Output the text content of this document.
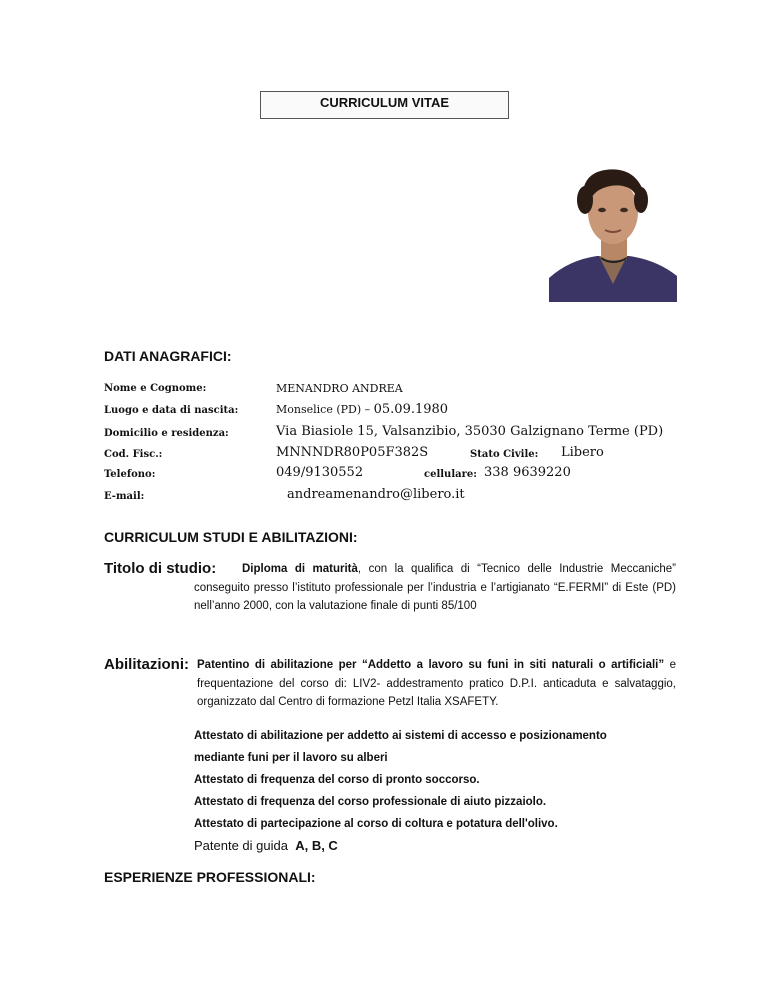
CURRICULUM VITAE
DATI ANAGRAFICI:
Nome e Cognome:	MENANDRO ANDREA
Luogo e data di nascita:	Monselice (PD) – 05.09.1980
Domicilio e residenza:	Via Biasiole 15, Valsanzibio, 35030 Galzignano Terme (PD)
Cod. Fisc.:	MNNNDR80P05F382S	Stato Civile: Libero
Telefono:	049/9130552	cellulare: 338 9639220
E-mail:	andreamenandro@libero.it
CURRICULUM STUDI E ABILITAZIONI:
Titolo di studio:	Diploma di maturità, con la qualifica di “Tecnico delle Industrie Meccaniche” conseguito presso l’istituto professionale per l’industria e l’artigianato “E.FERMI” di Este (PD) nell’anno 2000, con la valutazione finale di punti 85/100
Abilitazioni: Patentino di abilitazione per “Addetto a lavoro su funi in siti naturali o artificiali” e frequentazione del corso di: LIV2- addestramento pratico D.P.I. anticaduta e salvataggio, organizzato dal Centro di formazione Petzl Italia XSAFETY.
Attestato di abilitazione per addetto ai sistemi di accesso e posizionamento
mediante funi per il lavoro su alberi
Attestato di frequenza del corso di pronto soccorso.
Attestato di frequenza del corso professionale di aiuto pizzaiolo.
Attestato di partecipazione al corso di coltura e potatura dell'olivo.
Patente di guida A, B, C
ESPERIENZE PROFESSIONALI:
